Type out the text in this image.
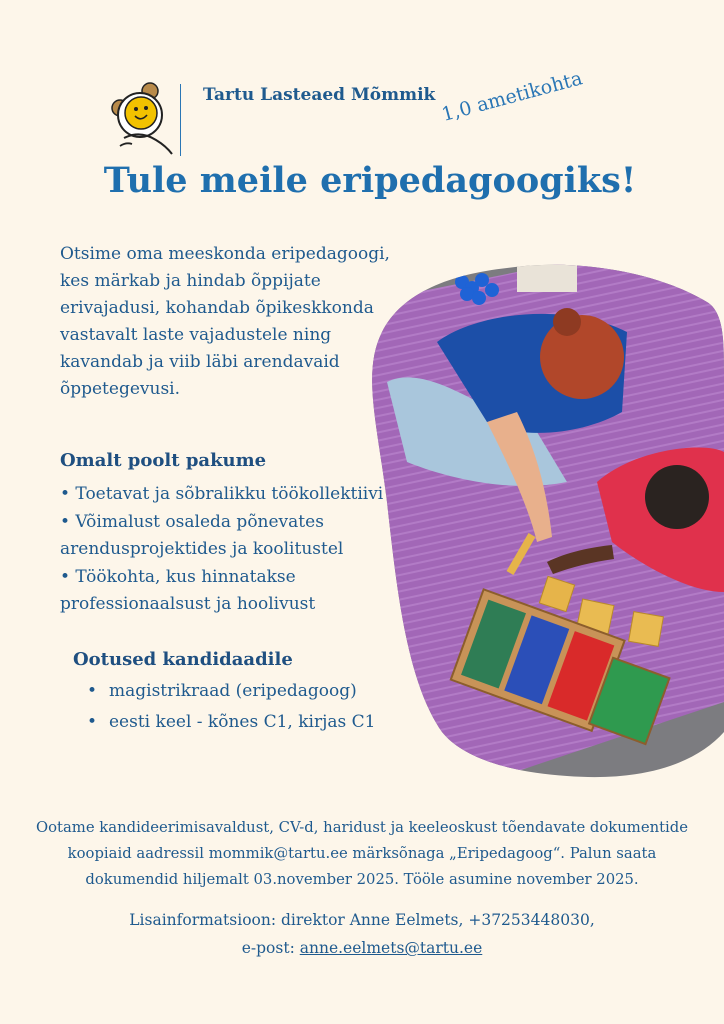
Tartu Lasteaed Mõmmik 1,0 ametikohta
Tule meile eripedagoogiks!
Otsime oma meeskonda eripedagoogi, kes märkab ja hindab õppijate erivajadusi, kohandab õpikeskkonda vastavalt laste vajadustele ning kavandab ja viib läbi arendavaid õppetegevusi.
Omalt poolt pakume
• Toetavat ja sõbralikku töökollektiivi
• Võimalust osaleda põnevates arendusprojektides ja koolitustel
• Töökohta, kus hinnatakse professionaalsust ja hoolivust
Ootused kandidaadile
• magistrikraad (eripedagoog)
• eesti keel - kõnes C1, kirjas C1
Ootame kandideerimisavaldust, CV-d, haridust ja keeleoskust tõendavate dokumentide koopiaid aadressil mommik@tartu.ee märksõnaga „Eripedagoog“. Palun saata dokumendid hiljemalt 03.november 2025. Tööle asumine november 2025.
Lisainformatsioon: direktor Anne Eelmets, +37253448030,
e-post: anne.eelmets@tartu.ee
